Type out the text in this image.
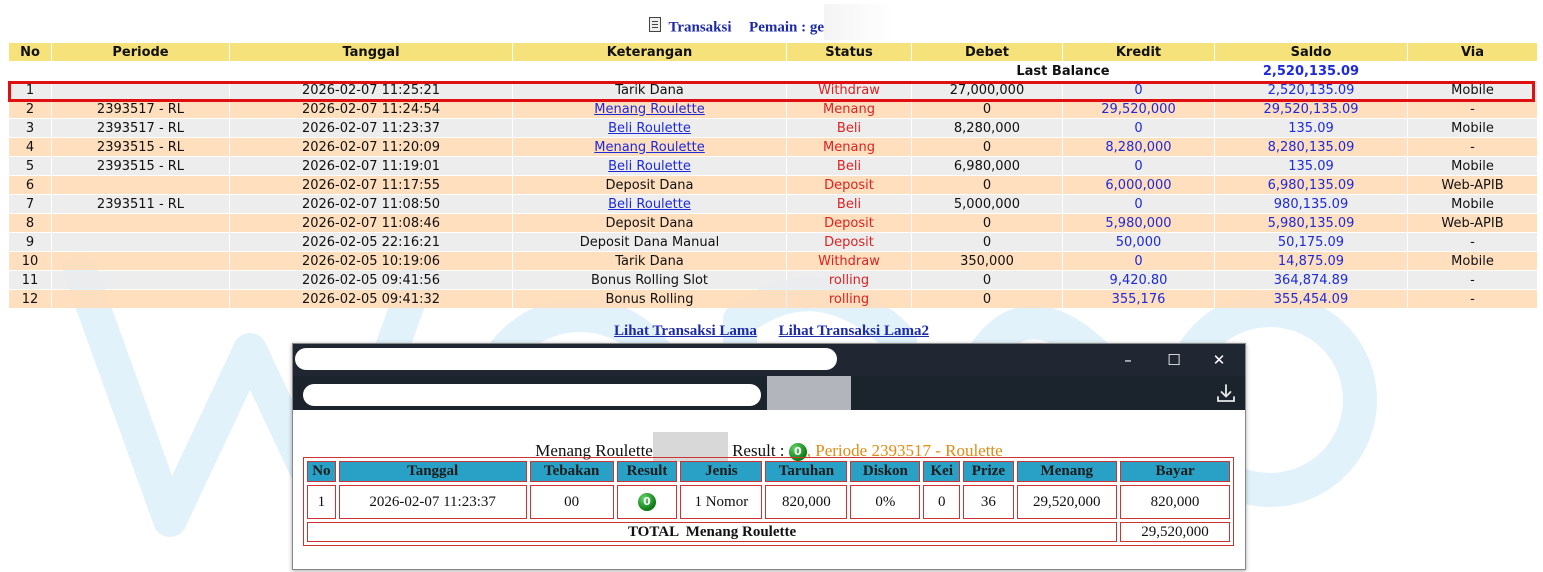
Transaksi Pemain : ge
No	Periode	Tanggal	Keterangan	Status	Debet	Kredit	Saldo	Via
					Last Balance		2,520,135.09	
1		2026-02-07 11:25:21	Tarik Dana	Withdraw	27,000,000	0	2,520,135.09	Mobile
2	2393517 - RL	2026-02-07 11:24:54	Menang Roulette	Menang	0	29,520,000	29,520,135.09	-
3	2393517 - RL	2026-02-07 11:23:37	Beli Roulette	Beli	8,280,000	0	135.09	Mobile
4	2393515 - RL	2026-02-07 11:20:09	Menang Roulette	Menang	0	8,280,000	8,280,135.09	-
5	2393515 - RL	2026-02-07 11:19:01	Beli Roulette	Beli	6,980,000	0	135.09	Mobile
6		2026-02-07 11:17:55	Deposit Dana	Deposit	0	6,000,000	6,980,135.09	Web-APIB
7	2393511 - RL	2026-02-07 11:08:50	Beli Roulette	Beli	5,000,000	0	980,135.09	Mobile
8		2026-02-07 11:08:46	Deposit Dana	Deposit	0	5,980,000	5,980,135.09	Web-APIB
9		2026-02-05 22:16:21	Deposit Dana Manual	Deposit	0	50,000	50,175.09	-
10		2026-02-05 10:19:06	Tarik Dana	Withdraw	350,000	0	14,875.09	Mobile
11		2026-02-05 09:41:56	Bonus Rolling Slot	rolling	0	9,420.80	364,874.89	-
12		2026-02-05 09:41:32	Bonus Rolling	rolling	0	355,176	355,454.09	-
Lihat Transaksi Lama Lihat Transaksi Lama2
–	☐	✕
Menang Roulette	Result : 0 , Periode 2393517 - Roulette
No	Tanggal	Tebakan	Result	Jenis	Taruhan	Diskon	Kei	Prize	Menang	Bayar
1	2026-02-07 11:23:37	00	0	1 Nomor	820,000	0%	0	36	29,520,000	820,000
TOTAL  Menang Roulette										29,520,000
